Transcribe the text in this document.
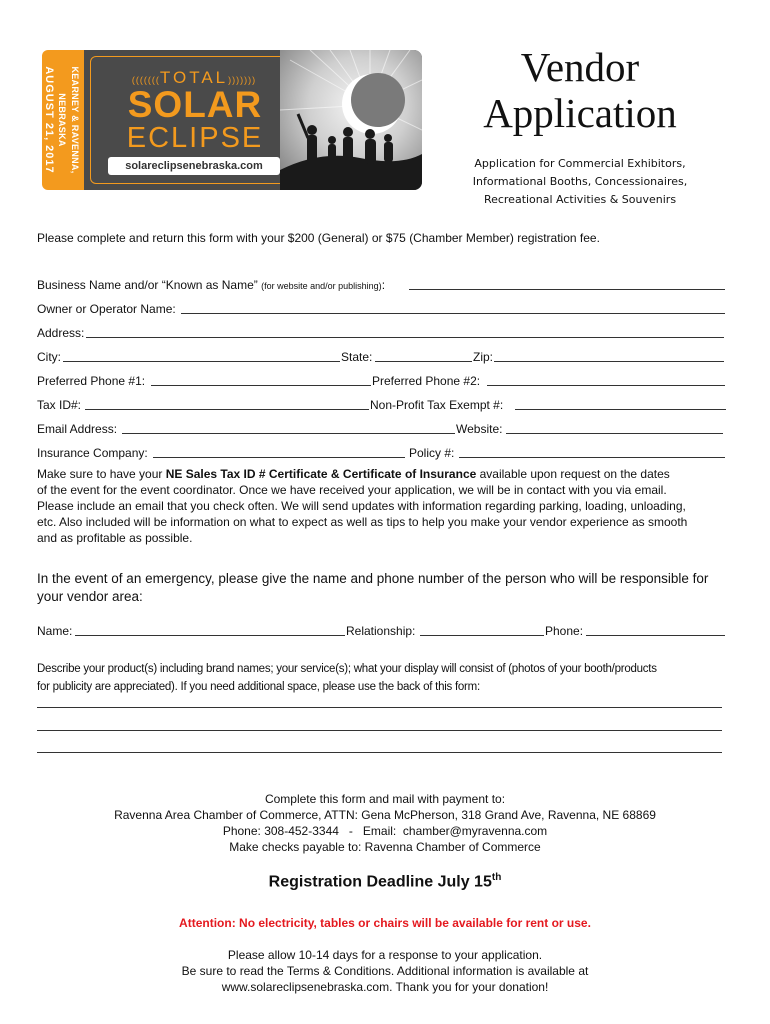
KEARNEY & RAVENNA, NEBRASKA
AUGUST 21, 2017	(((((((TOTAL)))))))
SOLAR
ECLIPSE
solareclipsenebraska.com
Vendor
Application
Application for Commercial Exhibitors,
Informational Booths, Concessionaires,
Recreational Activities & Souvenirs
Please complete and return this form with your $200 (General) or $75 (Chamber Member) registration fee.
Business Name and/or “Known as Name” (for website and/or publishing):
Owner or Operator Name:
Address:
City:	State:	Zip:
Preferred Phone #1:	Preferred Phone #2:
Tax ID#:	Non-Profit Tax Exempt #:
Email Address:	Website:
Insurance Company:	Policy #:
Make sure to have your NE Sales Tax ID # Certificate & Certificate of Insurance available upon request on the dates
of the event for the event coordinator. Once we have received your application, we will be in contact with you via email.
Please include an email that you check often. We will send updates with information regarding parking, loading, unloading,
etc. Also included will be information on what to expect as well as tips to help you make your vendor experience as smooth
and as profitable as possible.
In the event of an emergency, please give the name and phone number of the person who will be responsible for
your vendor area:
Name:	Relationship:	Phone:
Describe your product(s) including brand names; your service(s); what your display will consist of (photos of your booth/products
for publicity are appreciated). If you need additional space, please use the back of this form:
Complete this form and mail with payment to:
Ravenna Area Chamber of Commerce, ATTN: Gena McPherson, 318 Grand Ave, Ravenna, NE 68869
Phone: 308-452-3344   -   Email:  chamber@myravenna.com
Make checks payable to: Ravenna Chamber of Commerce
Registration Deadline July 15th
Attention: No electricity, tables or chairs will be available for rent or use.
Please allow 10-14 days for a response to your application.
Be sure to read the Terms & Conditions. Additional information is available at
www.solareclipsenebraska.com. Thank you for your donation!
